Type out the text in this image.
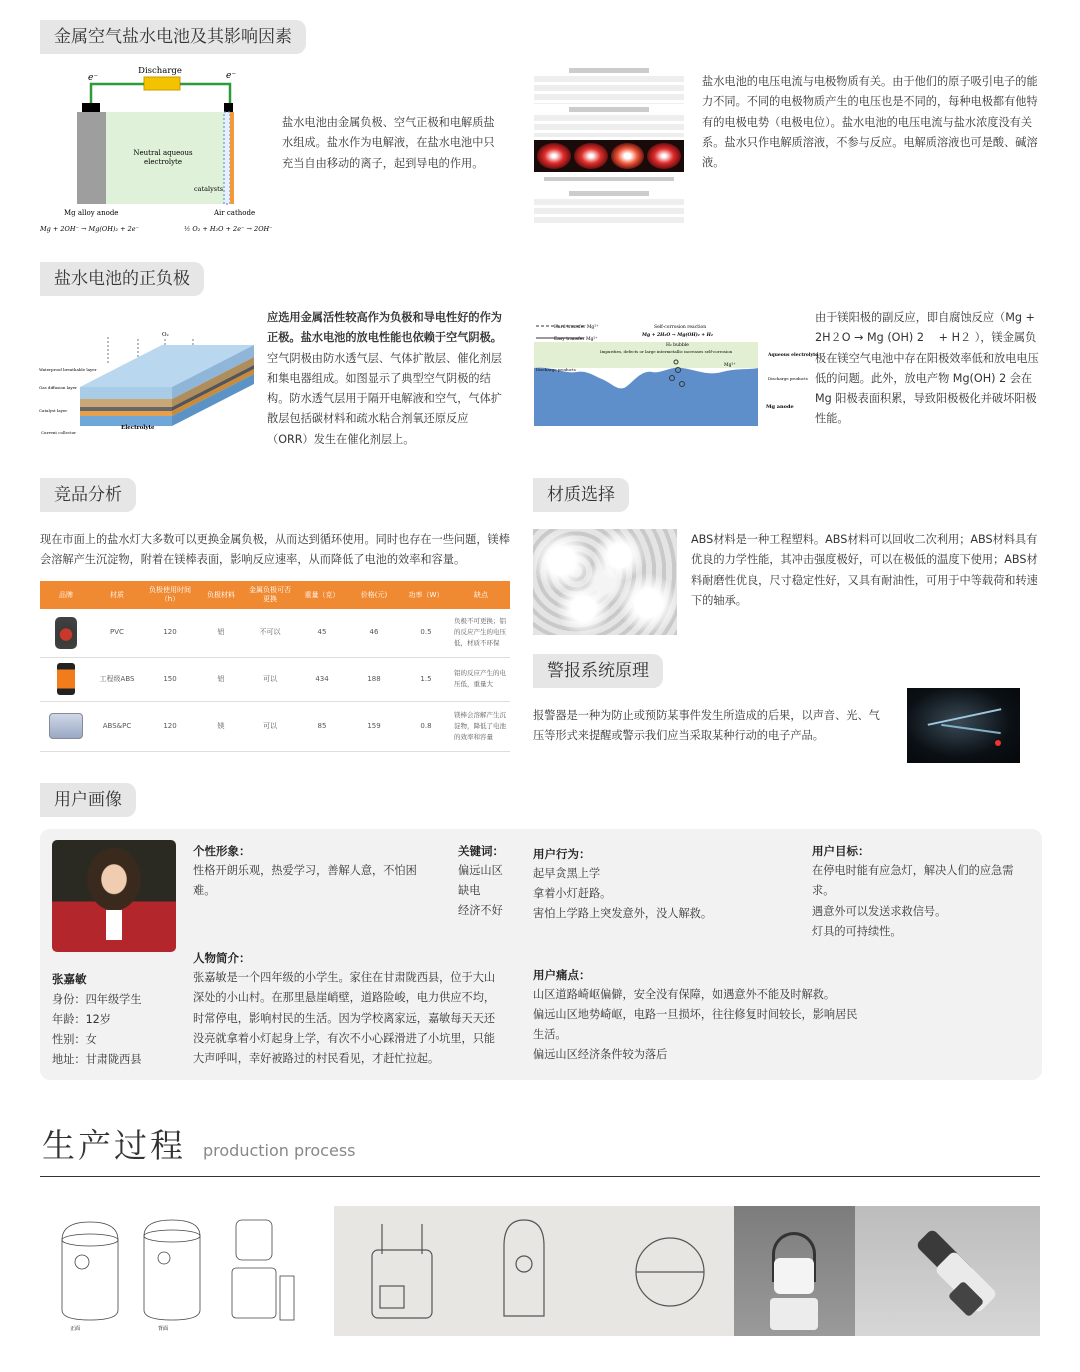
金属空气盐水电池及其影响因素
Discharge
e⁻	e⁻
Neutral aqueous
electrolyte
catalysts
Mg alloy anode	Air cathode
Mg + 2OH⁻ → Mg(OH)₂ + 2e⁻	½ O₂ + H₂O + 2e⁻ → 2OH⁻
盐水电池由金属负极、空气正极和电解质盐水组成。盐水作为电解液，在盐水电池中只充当自由移动的离子，起到导电的作用。
盐水电池的电压电流与电极物质有关。由于他们的原子吸引电子的能力不同。不同的电极物质产生的电压也是不同的，每种电极都有他特有的电极电势（电极电位）。盐水电池的电压电流与盐水浓度没有关系。盐水只作电解质溶液，不参与反应。电解质溶液也可是酸、碱溶液。
盐水电池的正负极
O₂
Waterproof breathable layer
Gas diffusion layer
Catalyst layer
Current collector
Electrolyte
应选用金属活性较高作为负极和导电性好的作为正极。盐水电池的放电性能也依赖于空气阴极。空气阴极由防水透气层、气体扩散层、催化剂层和集电器组成。如图显示了典型空气阴极的结构。防水透气层用于隔开电解液和空气，气体扩散层包括碳材料和疏水粘合剂氧还原反应（ORR）发生在催化剂层上。
Hard transfer Mg²⁺
Easy transfer Mg²⁺
Self-corrosion reaction
Mg + 2H₂O → Mg(OH)₂ + H₂
Impurities, defects or large intermetallic increases self-corrosion
H₂ bubble
Aqueous electrolyte
Discharge products
Discharge products
Mg²⁺
Mg anode
由于镁阳极的副反应，即自腐蚀反应（Mg + 2H２O → Mg (OH) 2 　+ H２ ），镁金属负极在镁空气电池中存在阳极效率低和放电电压低的问题。此外，放电产物 Mg(OH) 2 会在 Mg 阳极表面积累，导致阳极极化并破坏阳极性能。
竞品分析
现在市面上的盐水灯大多数可以更换金属负极，从而达到循环使用。同时也存在一些问题，镁棒会溶解产生沉淀物，附着在镁棒表面，影响反应速率，从而降低了电池的效率和容量。
品牌	材质	负极使用时间（h）	负极材料	金属负极可否更换	重量（克）	价格(元)	功率（W）	缺点

	PVC	120	铝	不可以	45	46	0.5	负极不可更换；铝的反应产生的电压低，材质不环保

	工程级ABS	150	铝	可以	434	188	1.5	铝的反应产生的电压低，重量大

	ABS&PC	120	镁	可以	85	159	0.8	镁棒会溶解产生沉淀物，降低了电池的效率和容量
材质选择
ABS材料是一种工程塑料。ABS材料可以回收二次利用；ABS材料具有优良的力学性能，其冲击强度极好，可以在极低的温度下使用；ABS材料耐磨性优良，尺寸稳定性好，又具有耐油性，可用于中等载荷和转速下的轴承。
警报系统原理
报警器是一种为防止或预防某事件发生所造成的后果，以声音、光、气压等形式来提醒或警示我们应当采取某种行动的电子产品。
用户画像
张嘉敏
身份：四年级学生
年龄：12岁
性别：女
地址：甘肃陇西县
个性形象：
性格开朗乐观，热爱学习，善解人意，不怕困难。
关键词：
偏远山区
缺电
经济不好
人物简介：
张嘉敏是一个四年级的小学生。家住在甘肃陇西县，位于大山深处的小山村。在那里悬崖峭壁，道路险峻，电力供应不均，时常停电，影响村民的生活。因为学校离家远，嘉敏每天天还没亮就拿着小灯起身上学，有次不小心踩滑进了小坑里，只能大声呼叫，幸好被路过的村民看见，才赶忙拉起。
用户行为：
起早贪黑上学
拿着小灯赶路。
害怕上学路上突发意外，没人解救。
用户目标：
在停电时能有应急灯，解决人们的应急需求。
遇意外可以发送求救信号。
灯具的可持续性。
用户痛点：
山区道路崎岖偏僻，安全没有保障，如遇意外不能及时解救。
偏远山区地势崎岖，电路一旦损坏，往往修复时间较长，影响居民生活。
偏远山区经济条件较为落后
生产过程 production process
正面	背面
